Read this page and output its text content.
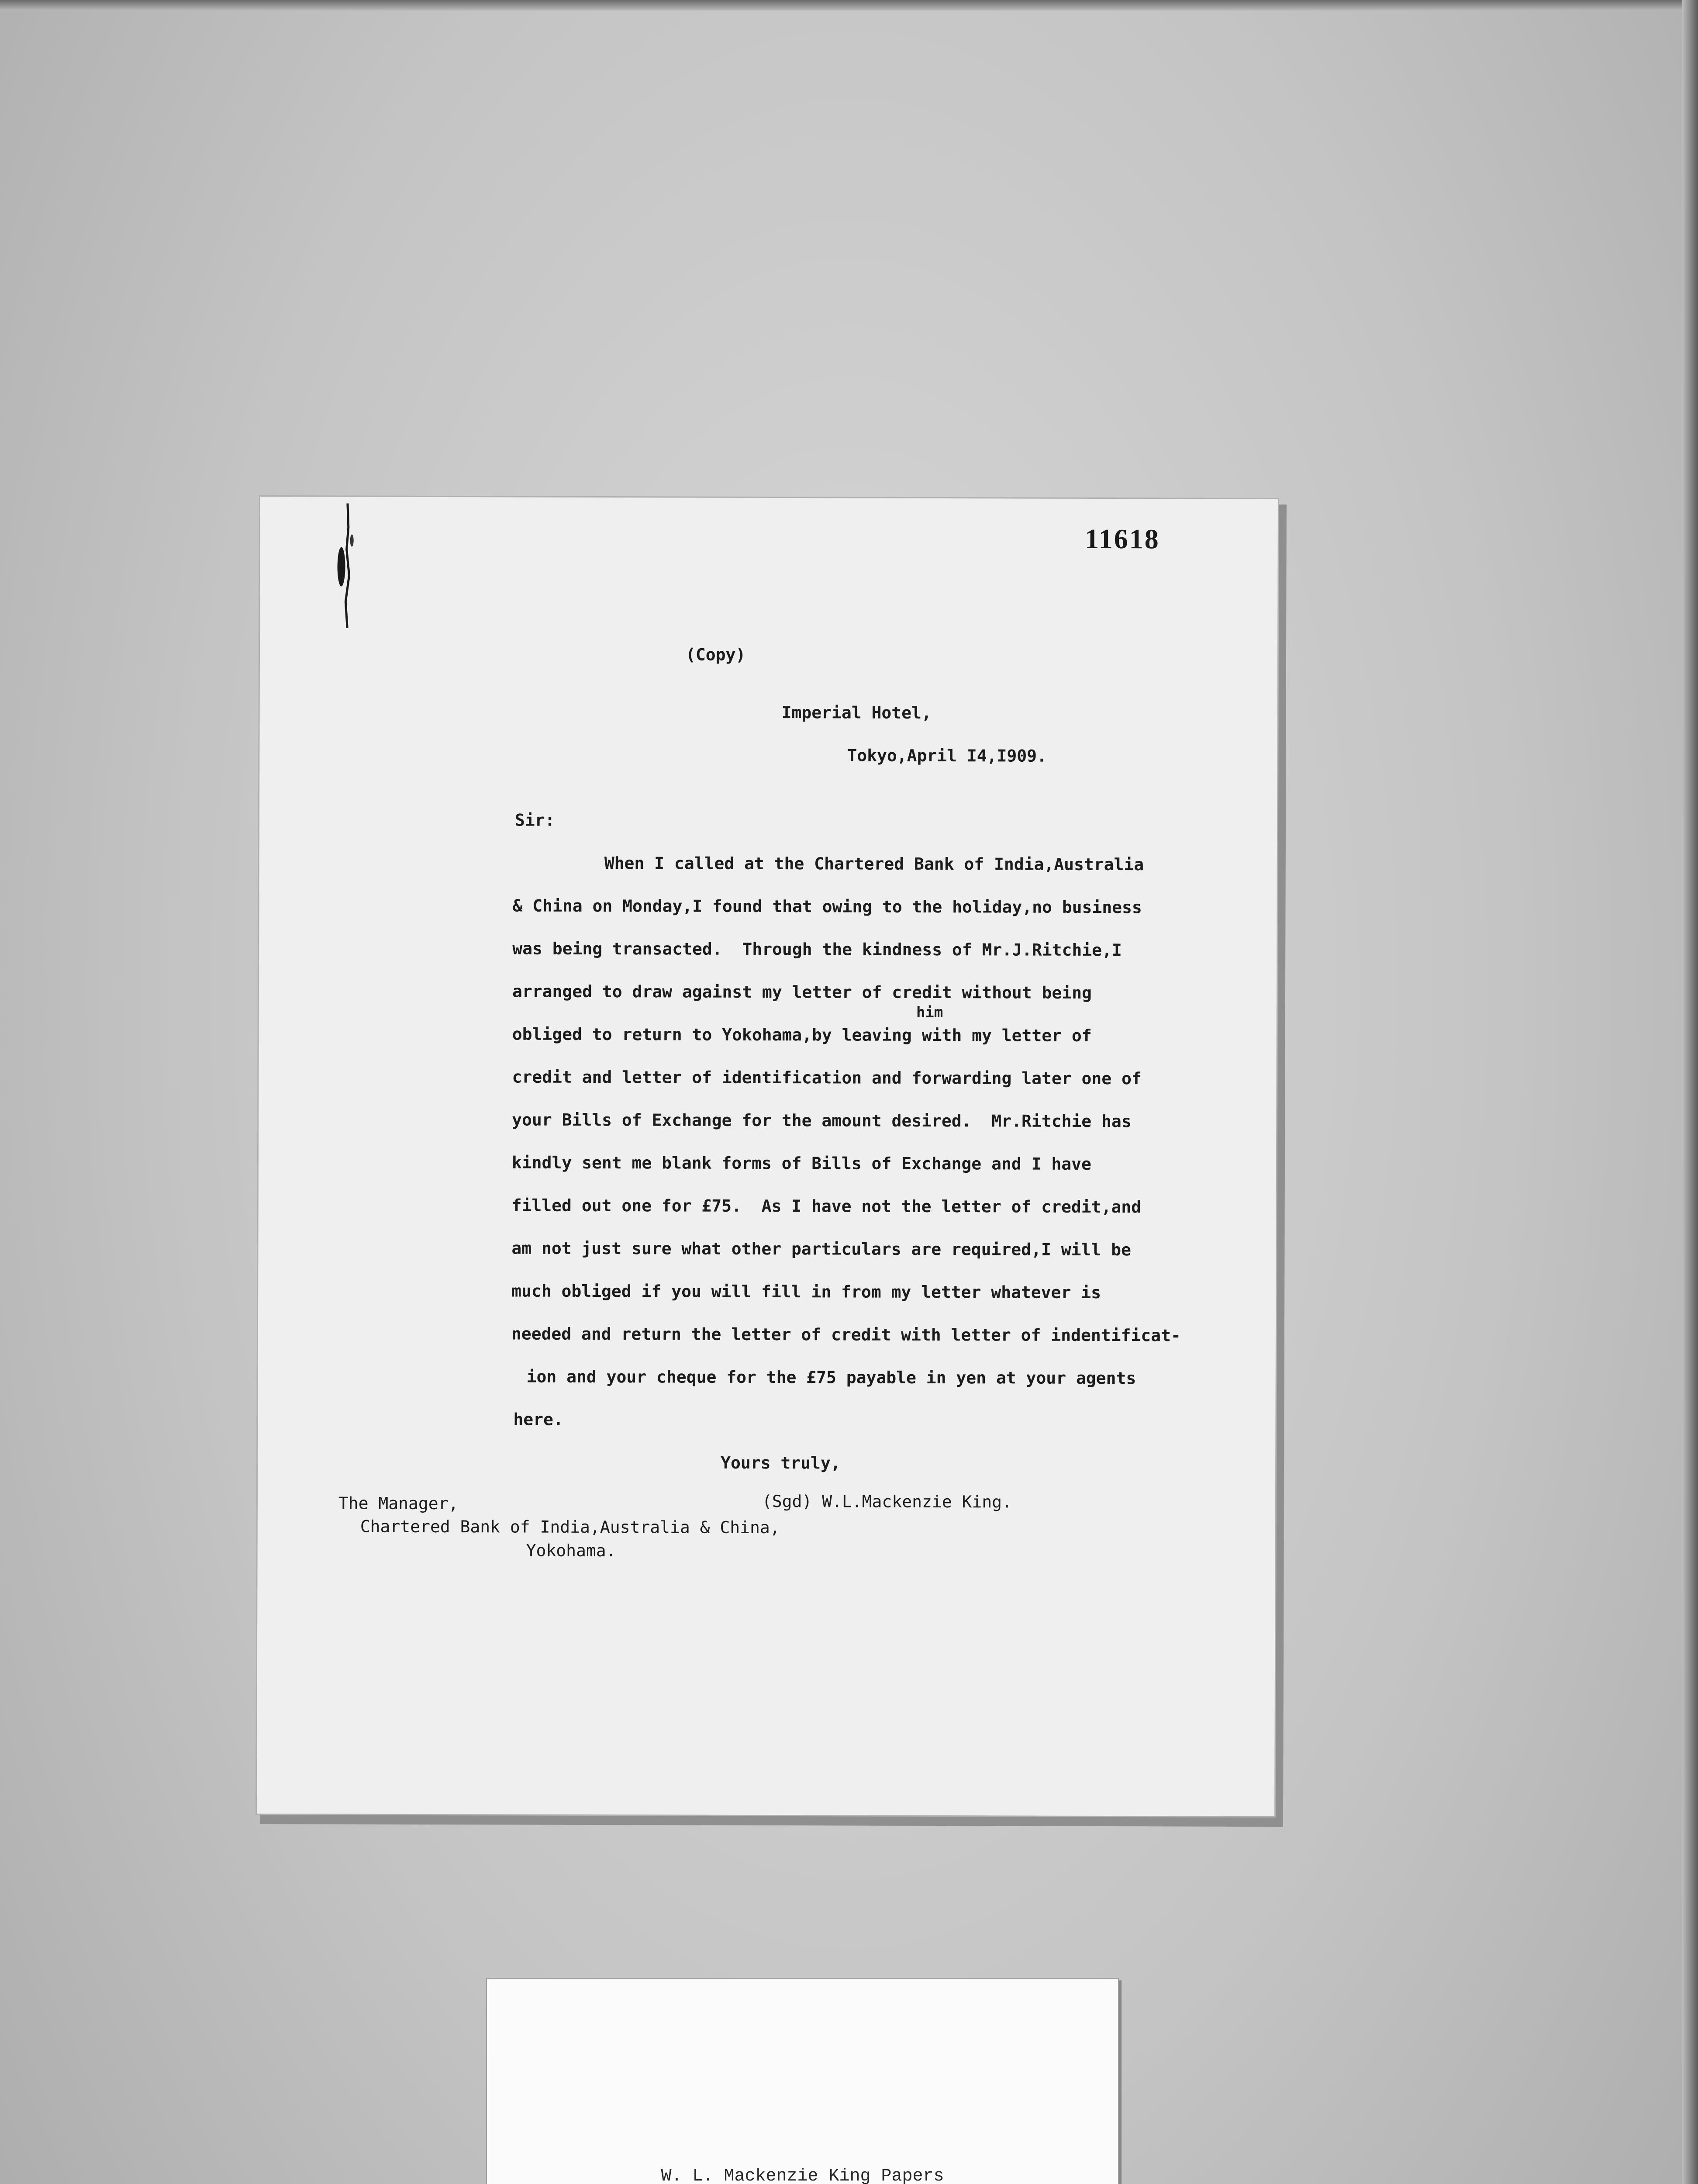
11618
(Copy)
Imperial Hotel,
Tokyo,April I4,I909.
Sir:
When I called at the Chartered Bank of India,Australia
& China on Monday,I found that owing to the holiday,no business
was being transacted.  Through the kindness of Mr.J.Ritchie,I
arranged to draw against my letter of credit without being
him
obliged to return to Yokohama,by leaving with my letter of
credit and letter of identification and forwarding later one of
your Bills of Exchange for the amount desired.  Mr.Ritchie has
kindly sent me blank forms of Bills of Exchange and I have
filled out one for £75.  As I have not the letter of credit,and
am not just sure what other particulars are required,I will be
much obliged if you will fill in from my letter whatever is
needed and return the letter of credit with letter of indentificat-
ion and your cheque for the £75 payable in yen at your agents
here.
Yours truly,
(Sgd) W.L.Mackenzie King.
The Manager,
Chartered Bank of India,Australia & China,
Yokohama.
W. L. Mackenzie King Papers
